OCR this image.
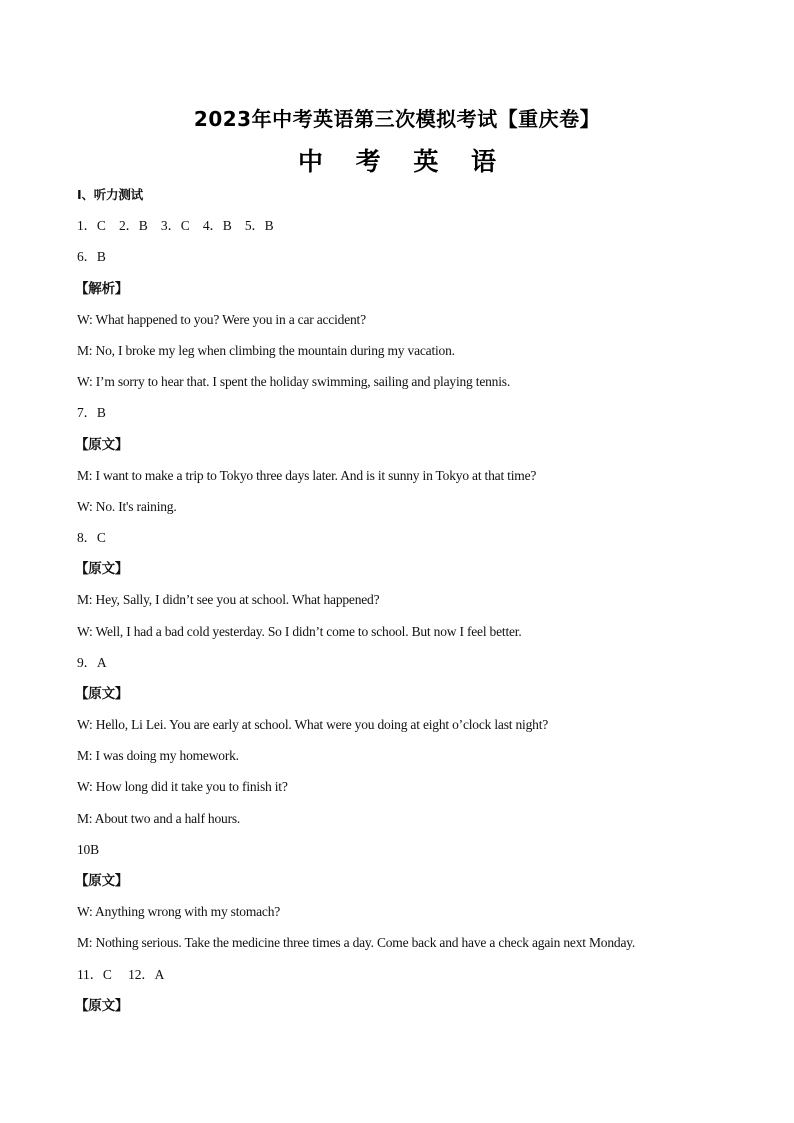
2023年中考英语第三次模拟考试【重庆卷】
中 考 英 语
Ⅰ、听力测试
1．C　2．B　3．C　4．B　5．B
6．B
【解析】
W: What happened to you? Were you in a car accident?
M: No, I broke my leg when climbing the mountain during my vacation.
W: I’m sorry to hear that. I spent the holiday swimming, sailing and playing tennis.
7．B
【原文】
M: I want to make a trip to Tokyo three days later. And is it sunny in Tokyo at that time?
W: No. It's raining.
8．C
【原文】
M: Hey, Sally, I didn’t see you at school. What happened?
W: Well, I had a bad cold yesterday. So I didn’t come to school. But now I feel better.
9．A
【原文】
W: Hello, Li Lei. You are early at school. What were you doing at eight o’clock last night?
M: I was doing my homework.
W: How long did it take you to finish it?
M: About two and a half hours.
10B
【原文】
W: Anything wrong with my stomach?
M: Nothing serious. Take the medicine three times a day. Come back and have a check again next Monday.
11．C　 12．A
【原文】
